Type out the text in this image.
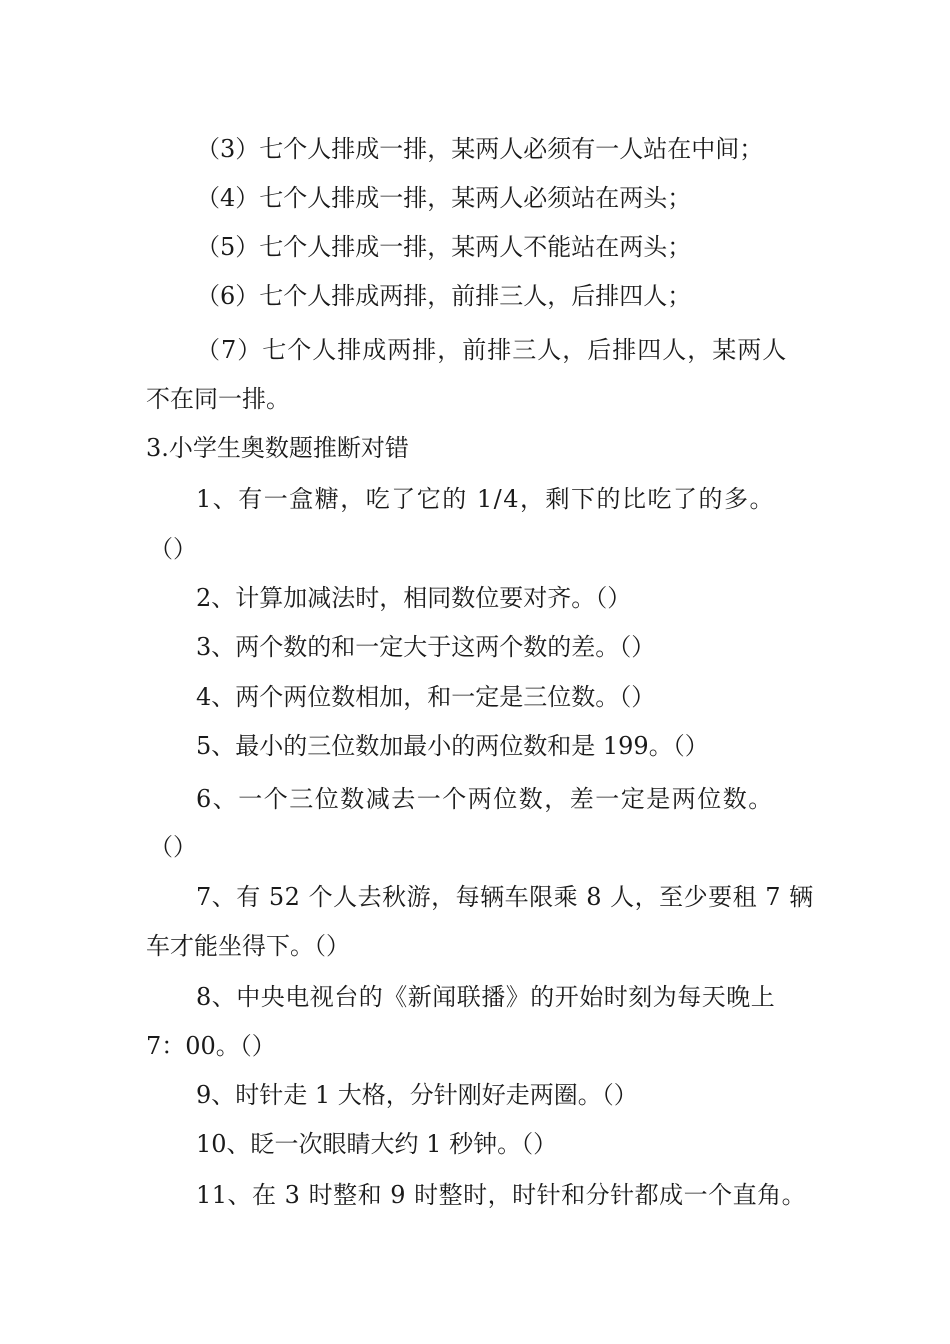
（3）七个人排成一排，某两人必须有一人站在中间；
（4）七个人排成一排，某两人必须站在两头；
（5）七个人排成一排，某两人不能站在两头；
（6）七个人排成两排，前排三人，后排四人；
（7）七个人排成两排，前排三人，后排四人，某两人
不在同一排。
3.小学生奥数题推断对错
1、有一盒糖，吃了它的 1/4，剩下的比吃了的多。
（）
2、计算加减法时，相同数位要对齐。（）
3、两个数的和一定大于这两个数的差。（）
4、两个两位数相加，和一定是三位数。（）
5、最小的三位数加最小的两位数和是 199。（）
6、一个三位数减去一个两位数，差一定是两位数。
（）
7、有 52 个人去秋游，每辆车限乘 8 人，至少要租 7 辆
车才能坐得下。（）
8、中央电视台的《新闻联播》的开始时刻为每天晚上
7：00。（）
9、时针走 1 大格，分针刚好走两圈。（）
10、眨一次眼睛大约 1 秒钟。（）
11、在 3 时整和 9 时整时，时针和分针都成一个直角。
